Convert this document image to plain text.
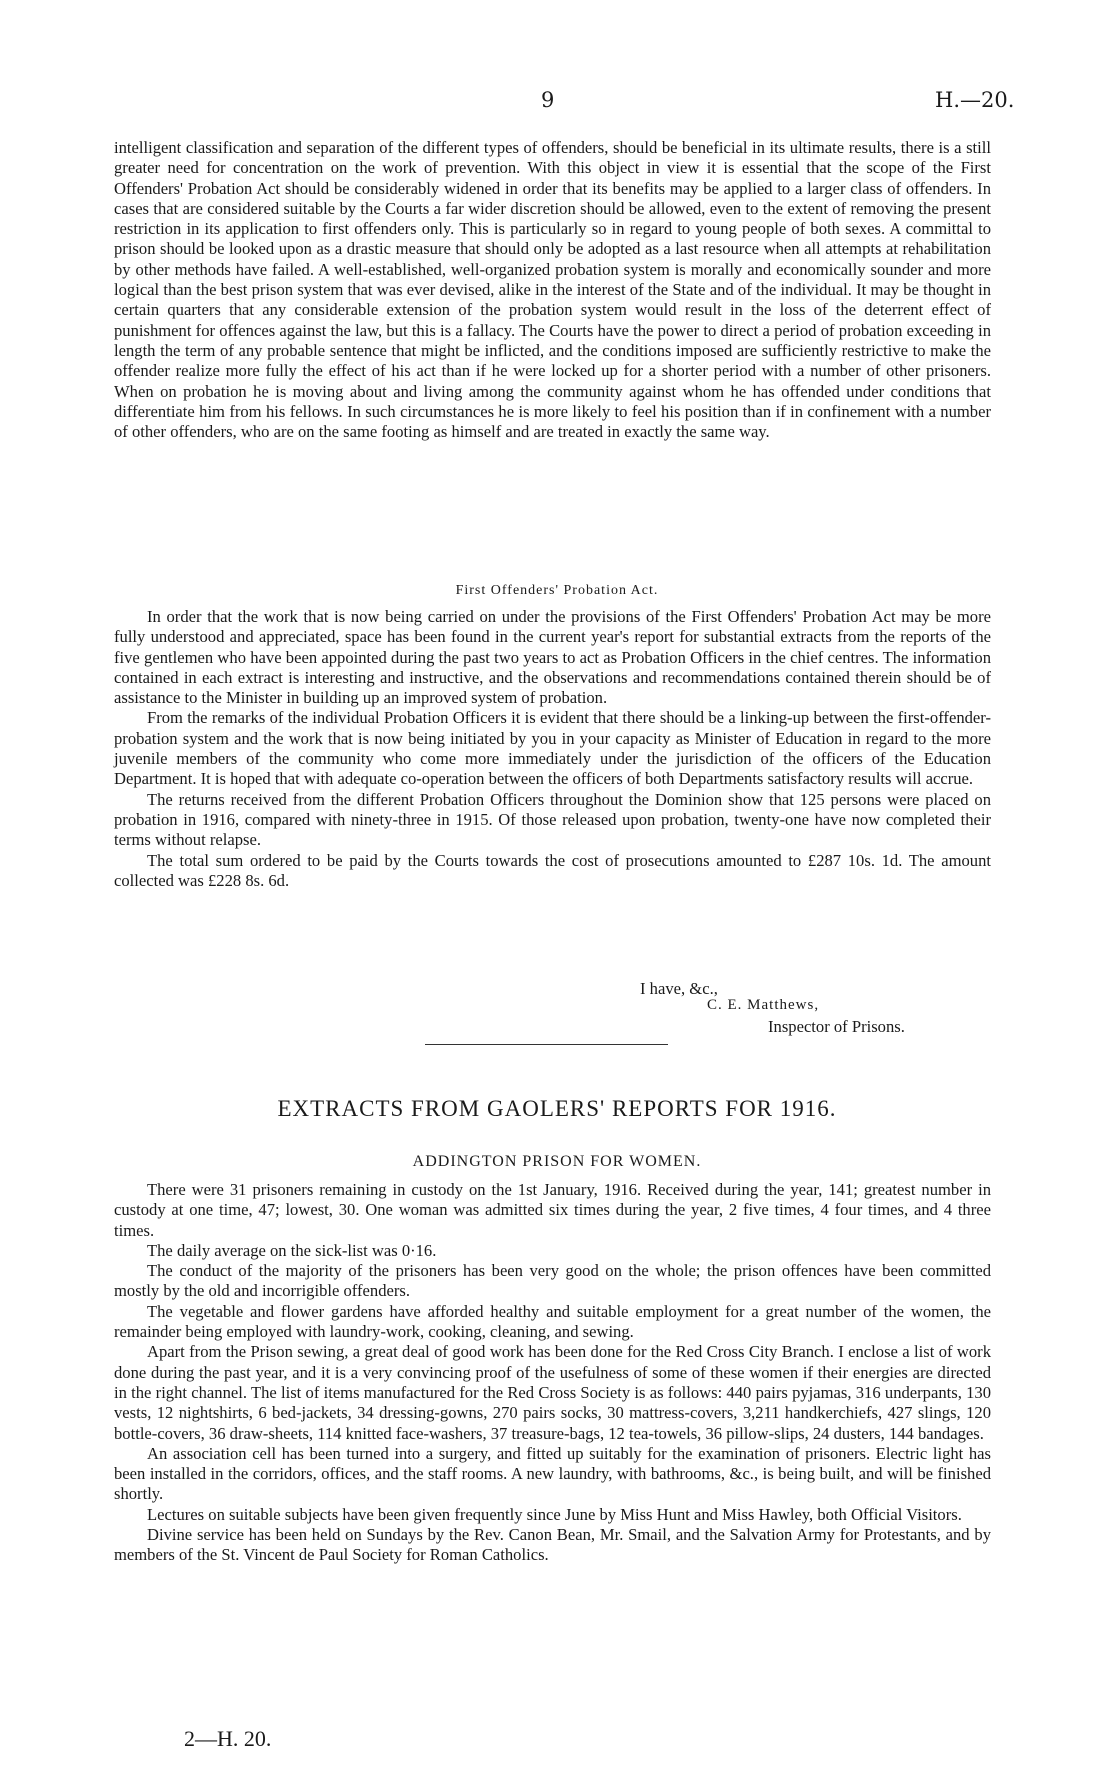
9	H.—20.

intelligent classification and separation of the different types of offenders, should be beneficial in its ultimate results, there is a still greater need for concentration on the work of prevention. With this object in view it is essential that the scope of the First Offenders' Probation Act should be considerably widened in order that its benefits may be applied to a larger class of offenders. In cases that are considered suitable by the Courts a far wider discretion should be allowed, even to the extent of removing the present restriction in its application to first offenders only. This is particularly so in regard to young people of both sexes. A committal to prison should be looked upon as a drastic measure that should only be adopted as a last resource when all attempts at rehabilitation by other methods have failed. A well-established, well-organized probation system is morally and economically sounder and more logical than the best prison system that was ever devised, alike in the interest of the State and of the individual. It may be thought in certain quarters that any considerable extension of the probation system would result in the loss of the deterrent effect of punishment for offences against the law, but this is a fallacy. The Courts have the power to direct a period of probation exceeding in length the term of any probable sentence that might be inflicted, and the conditions imposed are sufficiently restrictive to make the offender realize more fully the effect of his act than if he were locked up for a shorter period with a number of other prisoners. When on probation he is moving about and living among the community against whom he has offended under conditions that differentiate him from his fellows. In such circumstances he is more likely to feel his position than if in confinement with a number of other offenders, who are on the same footing as himself and are treated in exactly the same way.

First Offenders' Probation Act.

In order that the work that is now being carried on under the provisions of the First Offenders' Probation Act may be more fully understood and appreciated, space has been found in the current year's report for substantial extracts from the reports of the five gentlemen who have been appointed during the past two years to act as Probation Officers in the chief centres. The information contained in each extract is interesting and instructive, and the observations and recommendations contained therein should be of assistance to the Minister in building up an improved system of probation.

From the remarks of the individual Probation Officers it is evident that there should be a linking-up between the first-offender-probation system and the work that is now being initiated by you in your capacity as Minister of Education in regard to the more juvenile members of the community who come more immediately under the jurisdiction of the officers of the Education Department. It is hoped that with adequate co-operation between the officers of both Departments satisfactory results will accrue.

The returns received from the different Probation Officers throughout the Dominion show that 125 persons were placed on probation in 1916, compared with ninety-three in 1915. Of those released upon probation, twenty-one have now completed their terms without relapse.

The total sum ordered to be paid by the Courts towards the cost of prosecutions amounted to £287 10s. 1d. The amount collected was £228 8s. 6d.

I have, &c.,
C. E. Matthews,
Inspector of Prisons.
EXTRACTS FROM GAOLERS' REPORTS FOR 1916.
ADDINGTON PRISON FOR WOMEN.

There were 31 prisoners remaining in custody on the 1st January, 1916. Received during the year, 141; greatest number in custody at one time, 47; lowest, 30. One woman was admitted six times during the year, 2 five times, 4 four times, and 4 three times.

The daily average on the sick-list was 0·16.

The conduct of the majority of the prisoners has been very good on the whole; the prison offences have been committed mostly by the old and incorrigible offenders.

The vegetable and flower gardens have afforded healthy and suitable employment for a great number of the women, the remainder being employed with laundry-work, cooking, cleaning, and sewing.

Apart from the Prison sewing, a great deal of good work has been done for the Red Cross City Branch. I enclose a list of work done during the past year, and it is a very convincing proof of the usefulness of some of these women if their energies are directed in the right channel. The list of items manufactured for the Red Cross Society is as follows: 440 pairs pyjamas, 316 underpants, 130 vests, 12 nightshirts, 6 bed-jackets, 34 dressing-gowns, 270 pairs socks, 30 mattress-covers, 3,211 handkerchiefs, 427 slings, 120 bottle-covers, 36 draw-sheets, 114 knitted face-washers, 37 treasure-bags, 12 tea-towels, 36 pillow-slips, 24 dusters, 144 bandages.

An association cell has been turned into a surgery, and fitted up suitably for the examination of prisoners. Electric light has been installed in the corridors, offices, and the staff rooms. A new laundry, with bathrooms, &c., is being built, and will be finished shortly.

Lectures on suitable subjects have been given frequently since June by Miss Hunt and Miss Hawley, both Official Visitors.

Divine service has been held on Sundays by the Rev. Canon Bean, Mr. Smail, and the Salvation Army for Protestants, and by members of the St. Vincent de Paul Society for Roman Catholics.

2—H. 20.
